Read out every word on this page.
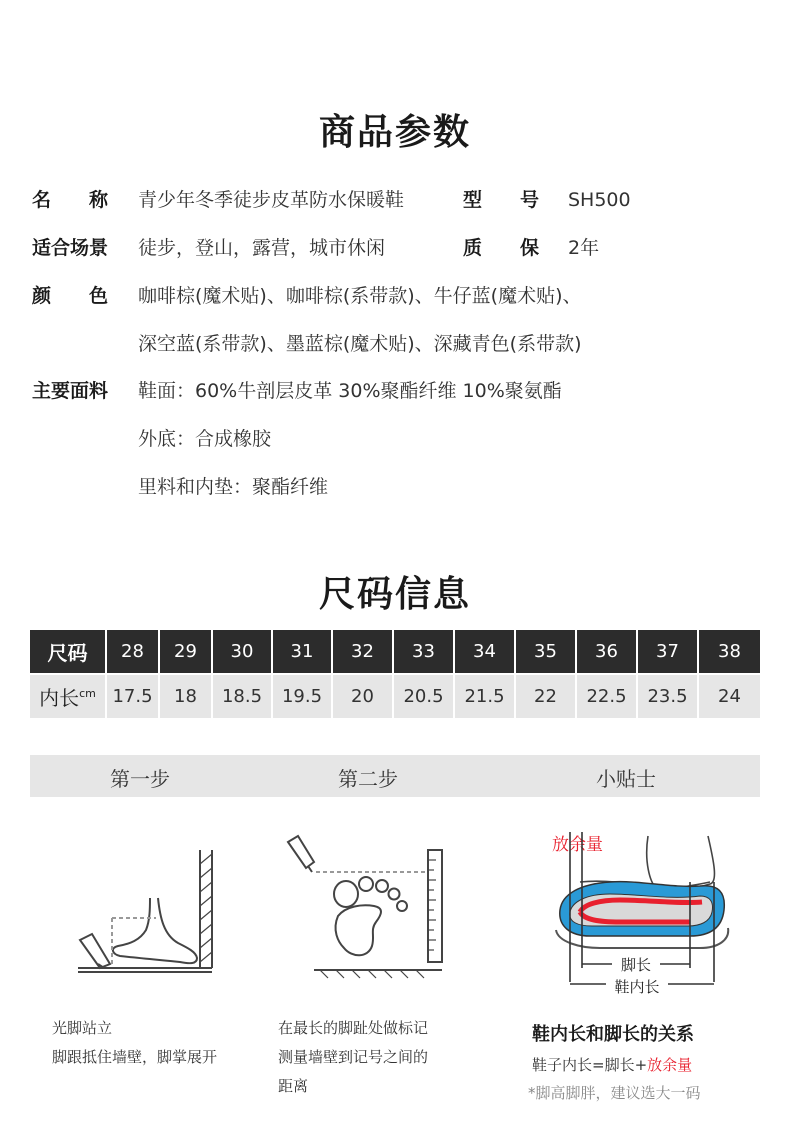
商品参数
名　　称 青少年冬季徒步皮革防水保暖鞋	型　　号 SH500
适合场景 徒步，登山，露营，城市休闲	质　　保 2年
颜　　色 咖啡棕(魔术贴)、咖啡棕(系带款)、牛仔蓝(魔术贴)、
深空蓝(系带款)、墨蓝棕(魔术贴)、深藏青色(系带款)
主要面料 鞋面：60%牛剖层皮革 30%聚酯纤维 10%聚氨酯
外底：合成橡胶
里料和内垫：聚酯纤维
尺码信息
尺码	28	29	30	31	32	33	34	35	36	37	38
内长$^{cm}$	17.5	18	18.5	19.5	20	20.5	21.5	22	22.5	23.5	24
第一步	第二步	小贴士
放余量
脚长
鞋内长
光脚站立
脚跟抵住墙壁，脚掌展开
在最长的脚趾处做标记
测量墙壁到记号之间的
距离
鞋内长和脚长的关系
鞋子内长=脚长+放余量
*脚高脚胖，建议选大一码
